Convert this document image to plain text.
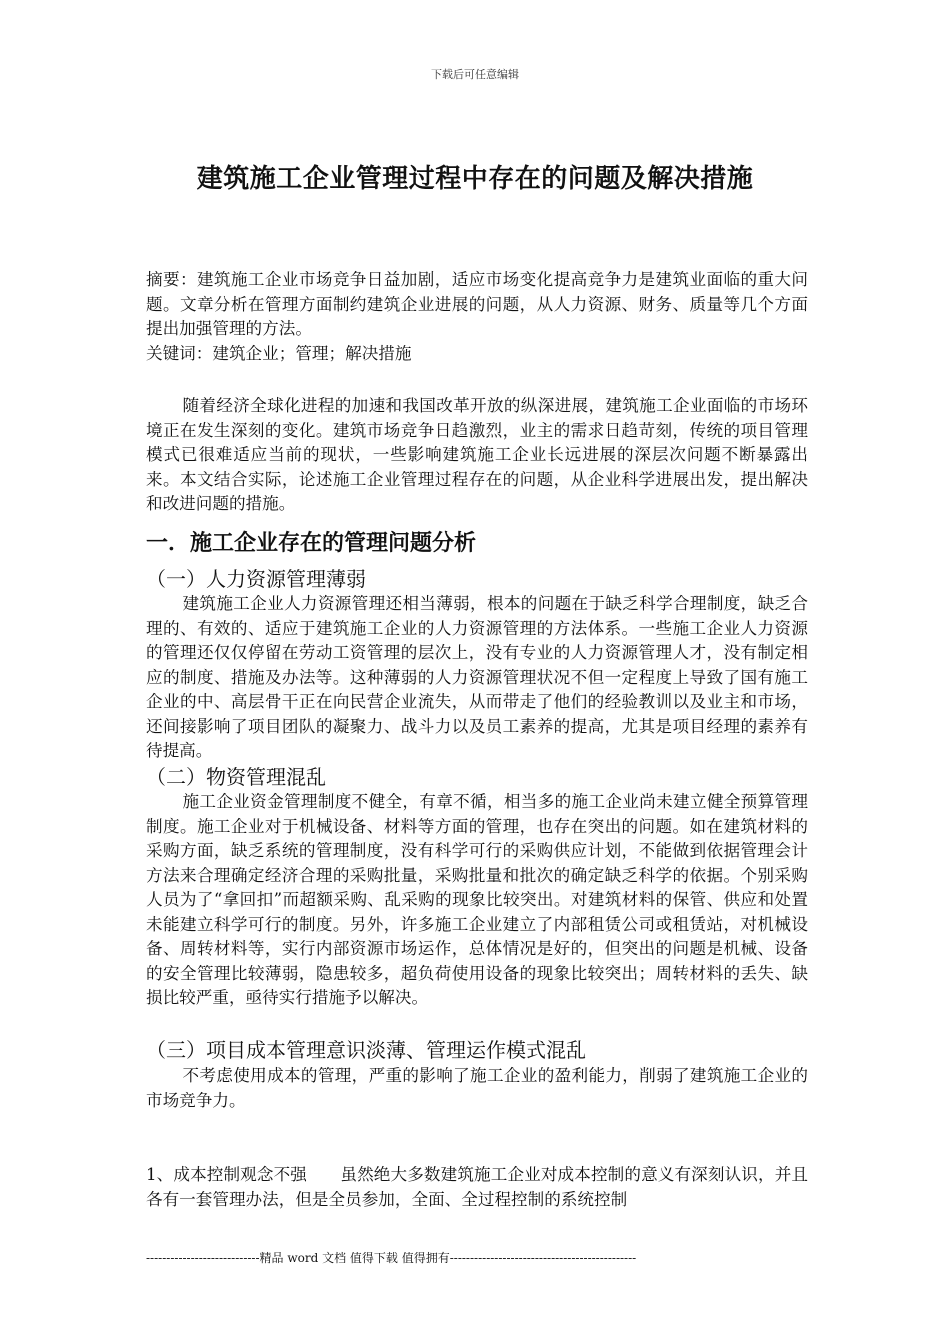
下载后可任意编辑
建筑施工企业管理过程中存在的问题及解决措施

摘要：建筑施工企业市场竞争日益加剧，适应市场变化提高竞争力是建筑业面临的重大问题。文章分析在管理方面制约建筑企业进展的问题，从人力资源、财务、质量等几个方面提出加强管理的方法。

关键词：建筑企业；管理；解决措施

随着经济全球化进程的加速和我国改革开放的纵深进展，建筑施工企业面临的市场环境正在发生深刻的变化。建筑市场竞争日趋激烈，业主的需求日趋苛刻，传统的项目管理模式已很难适应当前的现状，一些影响建筑施工企业长远进展的深层次问题不断暴露出来。本文结合实际，论述施工企业管理过程存在的问题，从企业科学进展出发，提出解决和改进问题的措施。

一．施工企业存在的管理问题分析
（一）人力资源管理薄弱

建筑施工企业人力资源管理还相当薄弱，根本的问题在于缺乏科学合理制度，缺乏合理的、有效的、适应于建筑施工企业的人力资源管理的方法体系。一些施工企业人力资源的管理还仅仅停留在劳动工资管理的层次上，没有专业的人力资源管理人才，没有制定相应的制度、措施及办法等。这种薄弱的人力资源管理状况不但一定程度上导致了国有施工企业的中、高层骨干正在向民营企业流失，从而带走了他们的经验教训以及业主和市场，还间接影响了项目团队的凝聚力、战斗力以及员工素养的提高，尤其是项目经理的素养有待提高。

（二）物资管理混乱

施工企业资金管理制度不健全，有章不循，相当多的施工企业尚未建立健全预算管理制度。施工企业对于机械设备、材料等方面的管理，也存在突出的问题。如在建筑材料的采购方面，缺乏系统的管理制度，没有科学可行的采购供应计划，不能做到依据管理会计方法来合理确定经济合理的采购批量，采购批量和批次的确定缺乏科学的依据。个别采购人员为了“拿回扣”而超额采购、乱采购的现象比较突出。对建筑材料的保管、供应和处置未能建立科学可行的制度。另外，许多施工企业建立了内部租赁公司或租赁站，对机械设备、周转材料等，实行内部资源市场运作，总体情况是好的，但突出的问题是机械、设备的安全管理比较薄弱，隐患较多，超负荷使用设备的现象比较突出；周转材料的丢失、缺损比较严重，亟待实行措施予以解决。

（三）项目成本管理意识淡薄、管理运作模式混乱

不考虑使用成本的管理，严重的影响了施工企业的盈利能力，削弱了建筑施工企业的市场竞争力。

1、成本控制观念不强　　虽然绝大多数建筑施工企业对成本控制的意义有深刻认识，并且各有一套管理办法，但是全员参加，全面、全过程控制的系统控制

----------------------------精品 word 文档 值得下载 值得拥有----------------------------------------------
